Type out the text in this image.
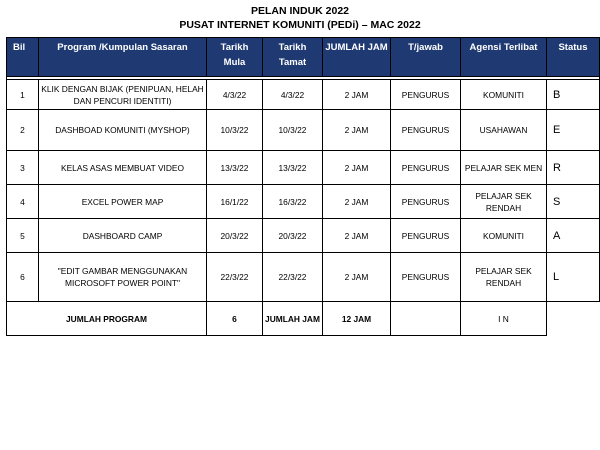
PELAN INDUK 2022
PUSAT INTERNET KOMUNITI (PEDi) – MAC 2022
Bil	Program /Kumpulan Sasaran	Tarikh Mula	Tarikh Tamat	JUMLAH JAM	T/jawab	Agensi Terlibat	Status

1	KLIK DENGAN BIJAK (PENIPUAN, HELAH DAN PENCURI IDENTITI)	4/3/22	4/3/22	2 JAM	PENGURUS	KOMUNITI	B
2	DASHBOAD KOMUNITI (MYSHOP)	10/3/22	10/3/22	2 JAM	PENGURUS	USAHAWAN	E
3	KELAS ASAS MEMBUAT VIDEO	13/3/22	13/3/22	2 JAM	PENGURUS	PELAJAR SEK MEN	R
4	EXCEL POWER MAP	16/1/22	16/3/22	2 JAM	PENGURUS	PELAJAR SEK RENDAH	S
5	DASHBOARD CAMP	20/3/22	20/3/22	2 JAM	PENGURUS	KOMUNITI	A
6	"EDIT GAMBAR MENGGUNAKAN MICROSOFT POWER POINT"	22/3/22	22/3/22	2 JAM	PENGURUS	PELAJAR SEK RENDAH	L
JUMLAH PROGRAM		6	JUMLAH JAM	12 JAM		I N	
